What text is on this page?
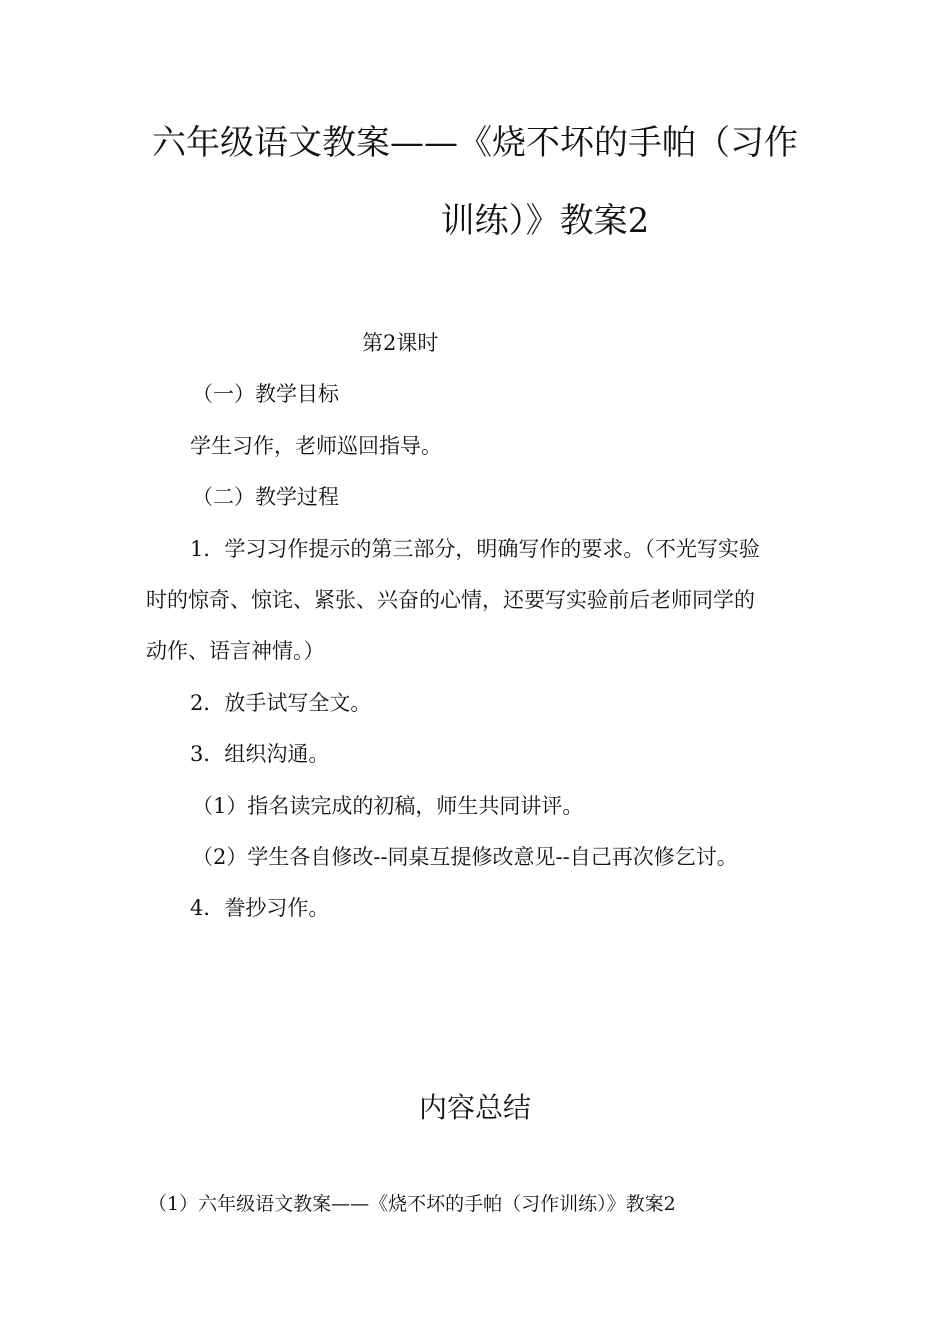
六年级语文教案——《烧不坏的手帕（习作
训练）》教案2
第2课时
（一）教学目标
学生习作，老师巡回指导。
（二）教学过程
1．学习习作提示的第三部分，明确写作的要求。（不光写实验
时的惊奇、惊诧、紧张、兴奋的心情，还要写实验前后老师同学的
动作、语言神情。）
2．放手试写全文。
3．组织沟通。
（1）指名读完成的初稿，师生共同讲评。
（2）学生各自修改--同桌互提修改意见--自己再次修乞讨。
4．誊抄习作。
内容总结
（1）六年级语文教案——《烧不坏的手帕（习作训练）》教案2
